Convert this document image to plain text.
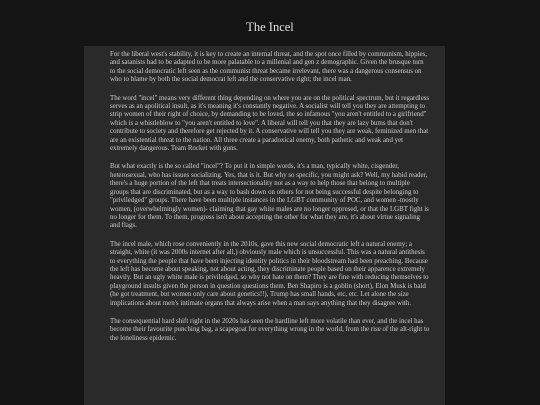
The Incel

For the liberal west's stability, it is key to create an internal threat, and the spot once filled by communism, hippies, and satanists had to be adapted to be more palatable to a millenial and gen z demographic. Given the brusque turn to the social democratic left seen as the communist threat became irrelevant, there was a dangerous consensus on who to blame by both the social democrat left and the conservative right; the incel man.

The word "incel" means very different thing depending on where you are on the political spectrum, but it regardless serves as an apolitical insult, as it's meaning it's constantly negative. A socialist will tell you they are attempting to strip women of their right of choice, by demanding to be loved, the so infamous "you aren't entitled to a girlfriend" which is a whistleblow to "you aren't entitled to love". A liberal will tell you that they are lazy bums that don't contribute to society and therefore get rejected by it. A conservative will tell you they are weak, feminized men that are an existential threat to the nation. All three create a paradoxical enemy, both pathetic and weak and yet extremely dangerous. Team Rocket with guns.

But what exactly is the so called "incel"? To put it in simple words, it's a man, typically white, cisgender, heterosexual, who has issues socializing. Yes, that is it. But why so specific, you might ask? Well, my habid reader, there's a huge portion of the left that treats intersectionality not as a way to help those that belong to multiple groups that are discriminated, but as a way to bash down on others for not being successful despite belonging to "priviledged" groups. There have been multiple instances in the LGBT community of POC, and women -mostly women, (overwhelmingly women)- claiming that gay white males are no longer oppresed, or that the LGBT fight is no longer for them. To them, progress isn't about accepting the other for what they are, it's about virtue signaling and flags.

The incel male, which rose conveniently in the 2010s, gave this new social democratic left a natural enemy; a straight, white (it was 2000s internet after all,) obviously male which is unsuccessful. This was a natural antithesis to everything the people that have been injecting identity politics in their bloodstream had been preaching. Because the left has become about speaking, not about acting, they discriminate people based on their apparence extremely heavily. But an ugly white male is priviledged, so why not hate on them? They are fine with reducing themselves to playground insults given the person in question questions them. Ben Shapiro is a goblin (short), Elon Musk is bald (he got treatment, but women only care about genetics!!), Trump has small hands, etc, etc. Let alone the size implications about men's intimate organs that always arise when a man says anything that they disagree with.

The consequential hard shift right in the 2020s has seen the hardline left more volatile than ever, and the incel has become their favourite punching bag, a scapegoat for everything wrong in the world, from the rise of the alt-right to the loneliness epidemic.
